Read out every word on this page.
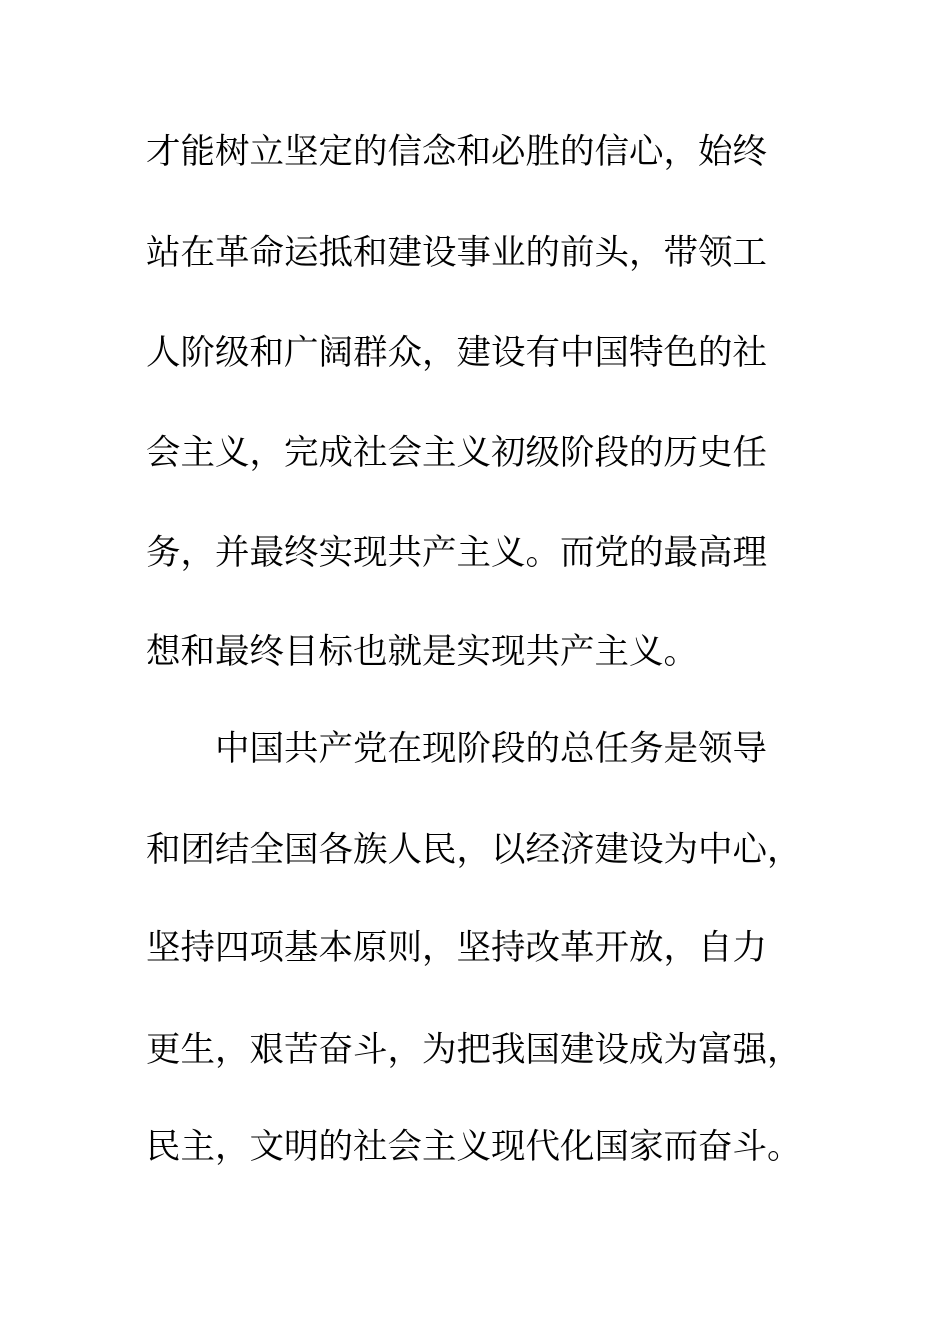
才能树立坚定的信念和必胜的信心，始终
站在革命运抵和建设事业的前头，带领工
人阶级和广阔群众，建设有中国特色的社
会主义，完成社会主义初级阶段的历史任
务，并最终实现共产主义。而党的最高理
想和最终目标也就是实现共产主义。
中国共产党在现阶段的总任务是领导
和团结全国各族人民，以经济建设为中心，
坚持四项基本原则，坚持改革开放，自力
更生，艰苦奋斗，为把我国建设成为富强，
民主，文明的社会主义现代化国家而奋斗。
